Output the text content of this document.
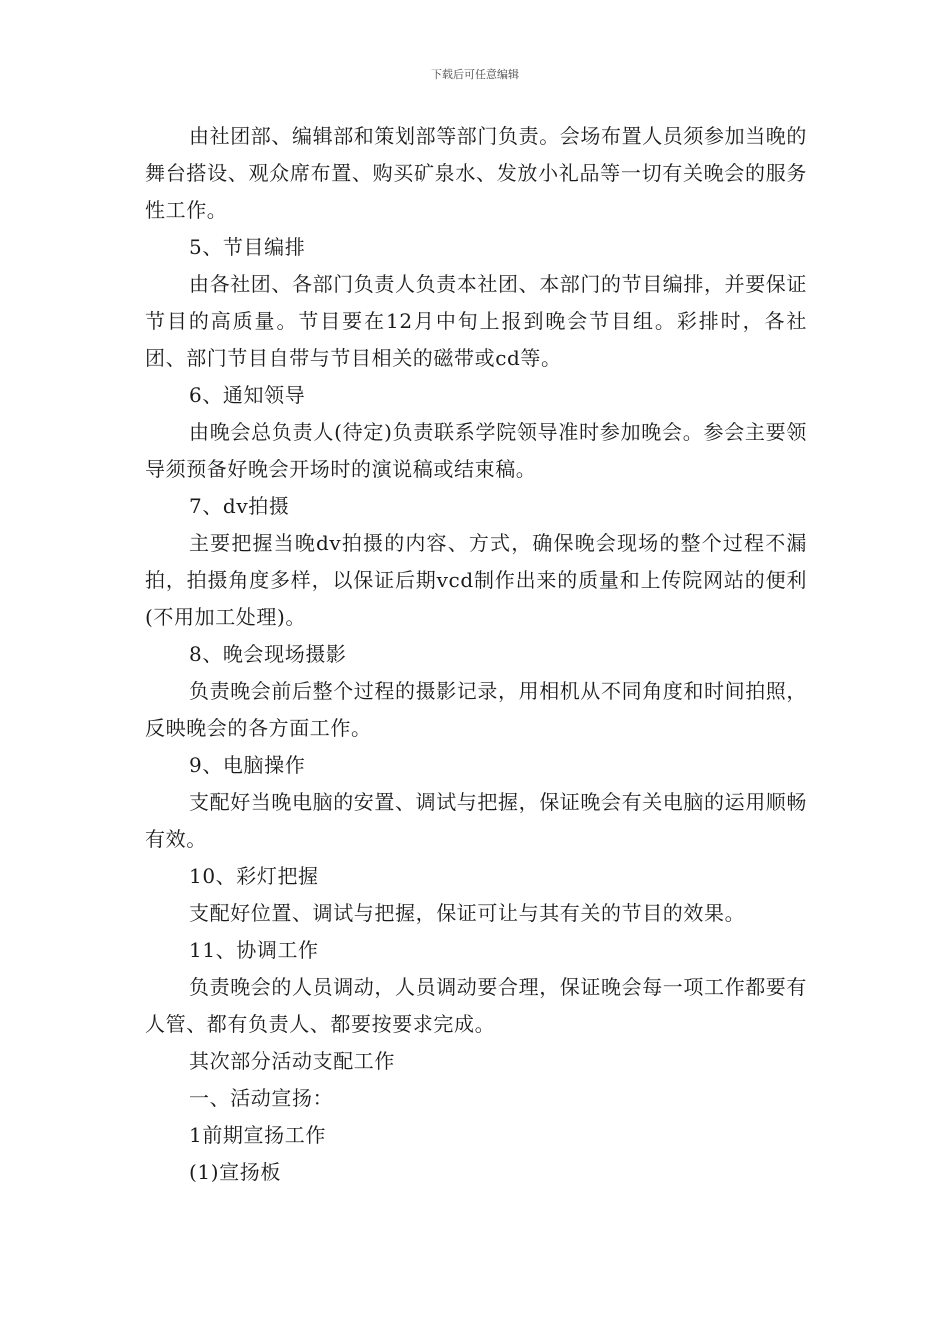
下载后可任意编辑

由社团部、编辑部和策划部等部门负责。会场布置人员须参加当晚的舞台搭设、观众席布置、购买矿泉水、发放小礼品等一切有关晚会的服务性工作。

5、节目编排

由各社团、各部门负责人负责本社团、本部门的节目编排，并要保证节目的高质量。节目要在12月中旬上报到晚会节目组。彩排时，各社团、部门节目自带与节目相关的磁带或cd等。

6、通知领导

由晚会总负责人(待定)负责联系学院领导准时参加晚会。参会主要领导须预备好晚会开场时的演说稿或结束稿。

7、dv拍摄

主要把握当晚dv拍摄的内容、方式，确保晚会现场的整个过程不漏拍，拍摄角度多样，以保证后期vcd制作出来的质量和上传院网站的便利(不用加工处理)。

8、晚会现场摄影

负责晚会前后整个过程的摄影记录，用相机从不同角度和时间拍照，反映晚会的各方面工作。

9、电脑操作

支配好当晚电脑的安置、调试与把握，保证晚会有关电脑的运用顺畅有效。

10、彩灯把握

支配好位置、调试与把握，保证可让与其有关的节目的效果。

11、协调工作

负责晚会的人员调动，人员调动要合理，保证晚会每一项工作都要有人管、都有负责人、都要按要求完成。

其次部分活动支配工作

一、活动宣扬：

1前期宣扬工作

(1)宣扬板
